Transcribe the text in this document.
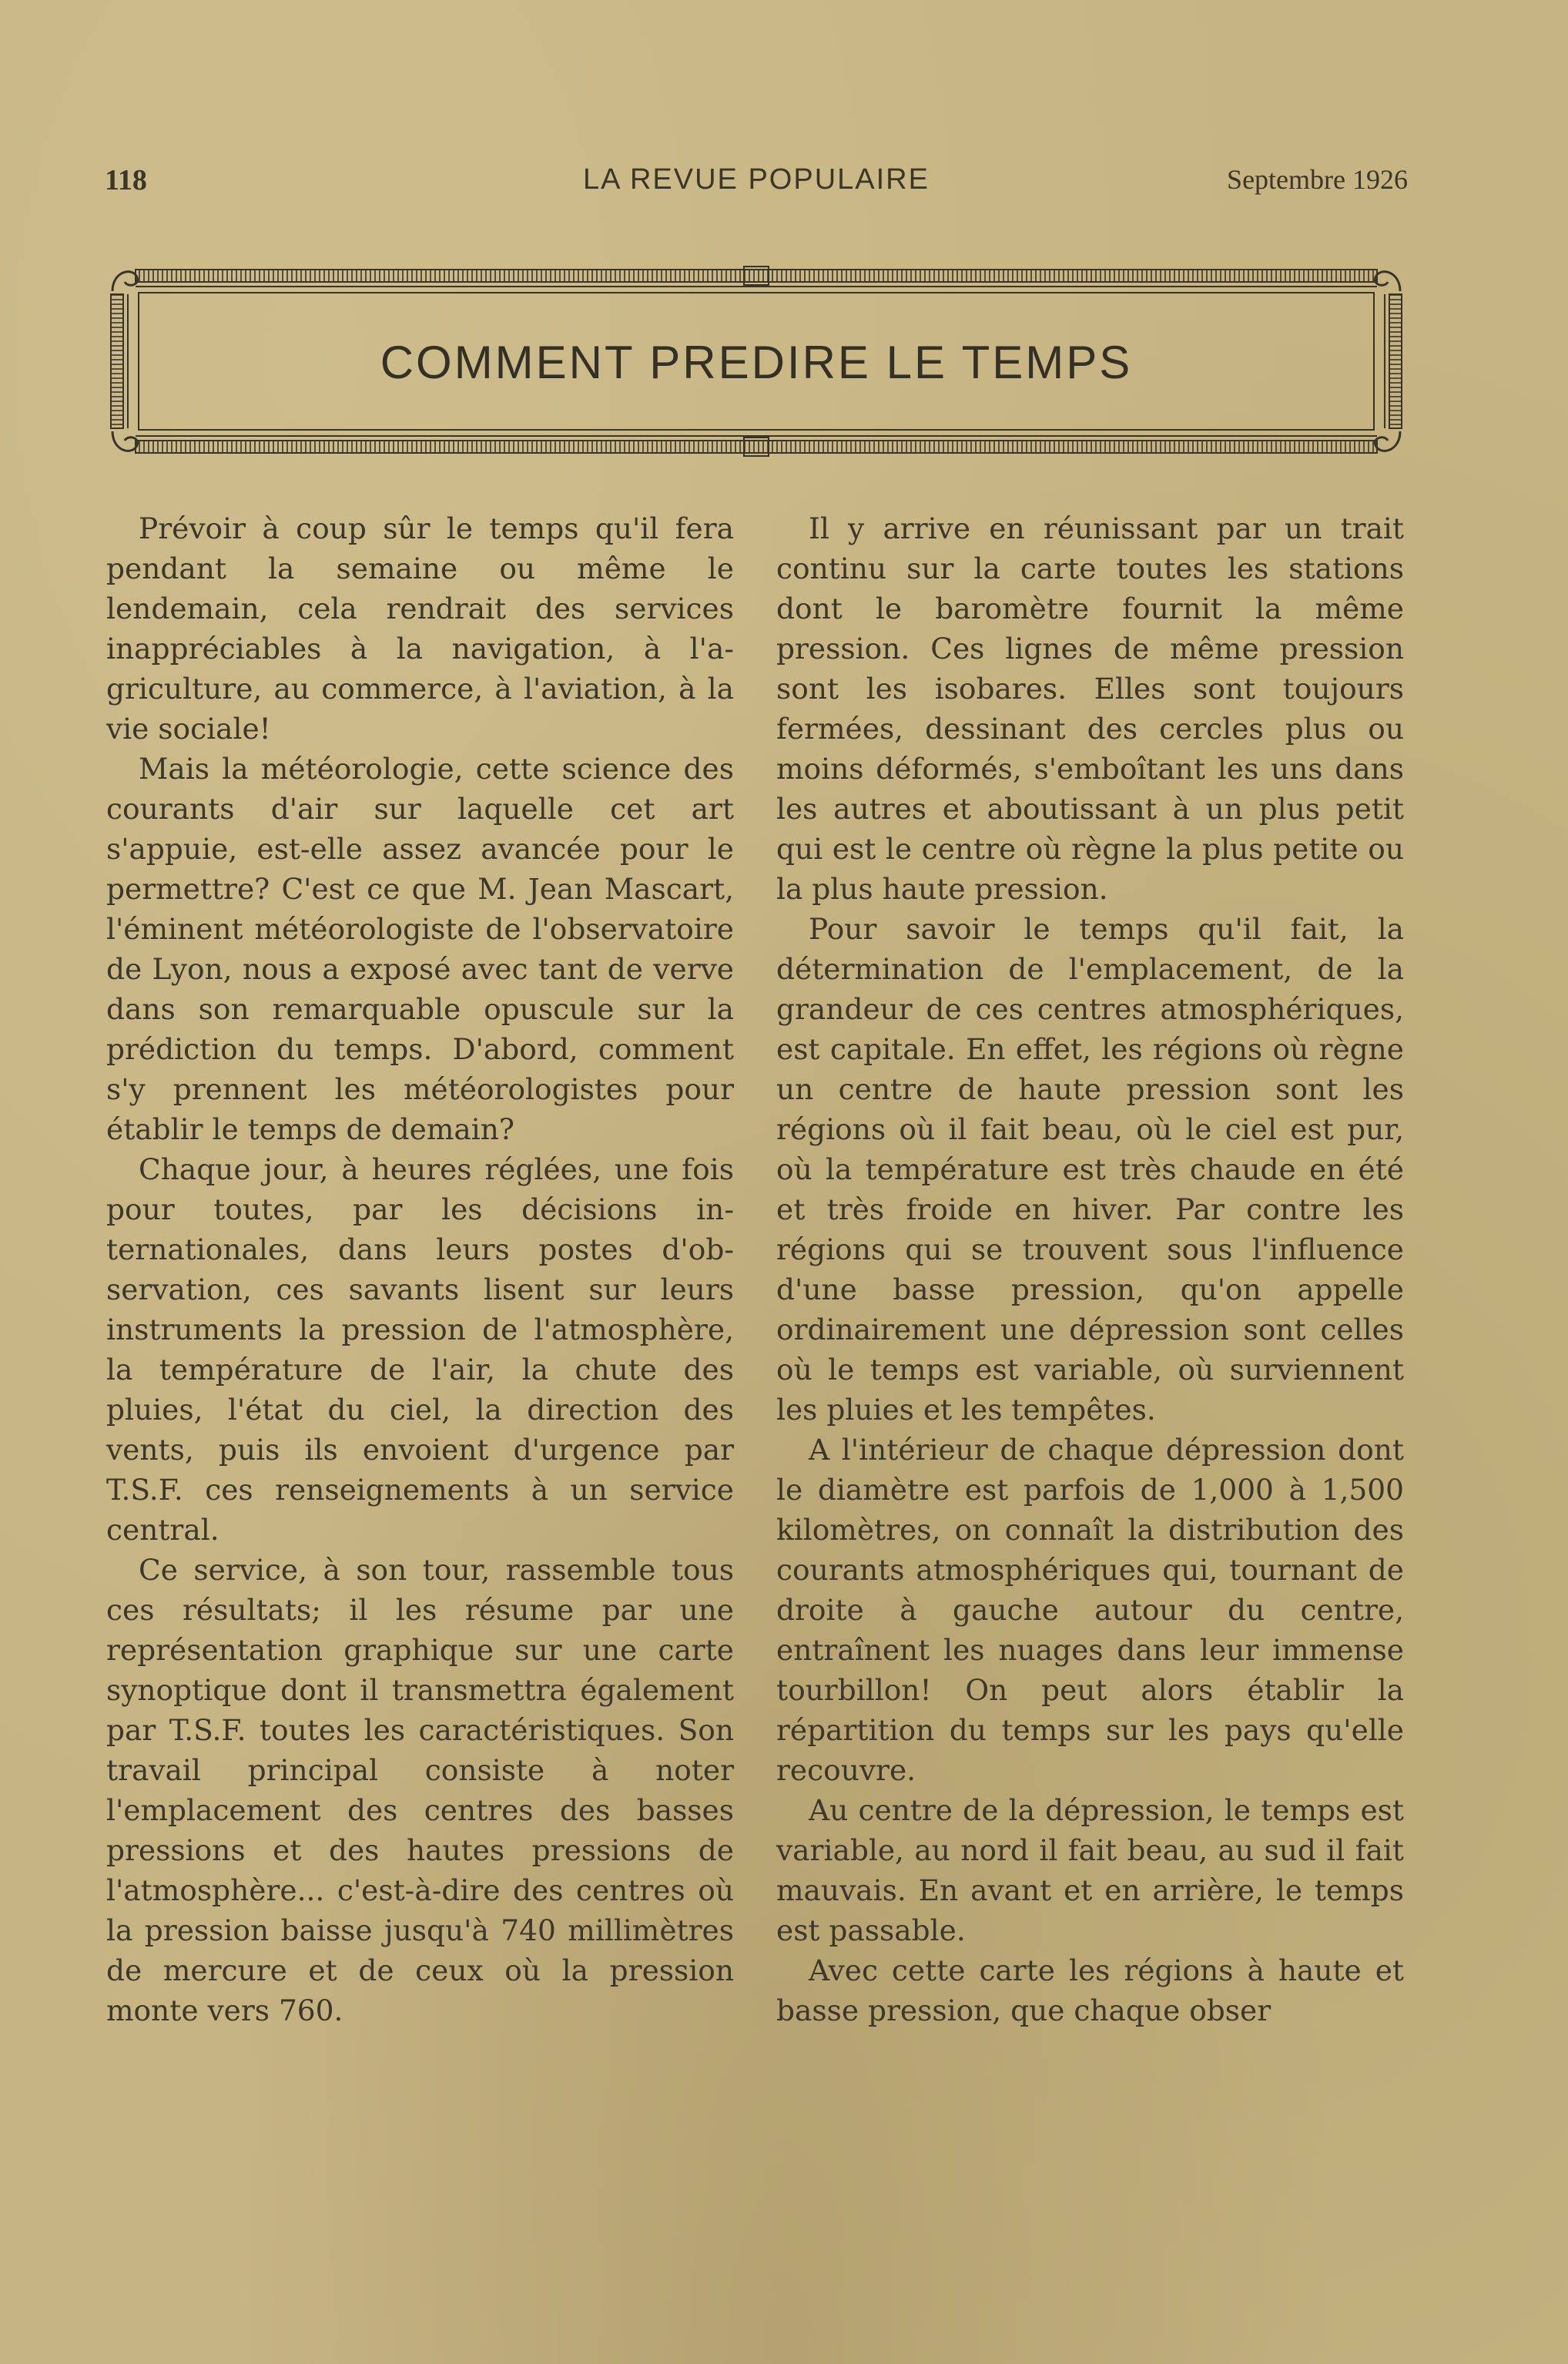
118	LA REVUE POPULAIRE	Septembre 1926
COMMENT PREDIRE LE TEMPS

Prévoir à coup sûr le temps qu'il fera pendant la semaine ou même le lendemain, cela rendrait des services inappréciables à la navigation, à l'agriculture, au commerce, à l'aviation, à la vie sociale!

Mais la météorologie, cette science des courants d'air sur laquelle cet art s'appuie, est-elle assez avancée pour le permettre? C'est ce que M. Jean Mascart, l'éminent météorologiste de l'observatoire de Lyon, nous a exposé avec tant de verve dans son remarquable opuscule sur la prédiction du temps. D'abord, comment s'y prennent les météorologistes pour établir le temps de demain?

Chaque jour, à heures réglées, une fois pour toutes, par les décisions internationales, dans leurs postes d'observation, ces savants lisent sur leurs instruments la pression de l'atmosphère, la température de l'air, la chute des pluies, l'état du ciel, la direction des vents, puis ils envoient d'urgence par T.S.F. ces renseignements à un service central.

Ce service, à son tour, rassemble tous ces résultats; il les résume par une représentation graphique sur une carte synoptique dont il transmettra également par T.S.F. toutes les caractéristiques. Son travail principal consiste à noter l'emplacement des centres des basses pressions et des hautes pressions de l'atmosphère... c'est-à-dire des centres où la pression baisse jusqu'à 740 millimètres de mercure et de ceux où la pression monte vers 760.

Il y arrive en réunissant par un trait continu sur la carte toutes les stations dont le baromètre fournit la même pression. Ces lignes de même pression sont les isobares. Elles sont toujours fermées, dessinant des cercles plus ou moins déformés, s'emboîtant les uns dans les autres et aboutissant à un plus petit qui est le centre où règne la plus petite ou la plus haute pression.

Pour savoir le temps qu'il fait, la détermination de l'emplacement, de la grandeur de ces centres atmosphériques, est capitale. En effet, les régions où règne un centre de haute pression sont les régions où il fait beau, où le ciel est pur, où la température est très chaude en été et très froide en hiver. Par contre les régions qui se trouvent sous l'influence d'une basse pression, qu'on appelle ordinairement une dépression sont celles où le temps est variable, où surviennent les pluies et les tempêtes.

A l'intérieur de chaque dépression dont le diamètre est parfois de 1,000 à 1,500 kilomètres, on connaît la distribution des courants atmosphériques qui, tournant de droite à gauche autour du centre, entraînent les nuages dans leur immense tourbillon! On peut alors établir la répartition du temps sur les pays qu'elle recouvre.

Au centre de la dépression, le temps est variable, au nord il fait beau, au sud il fait mauvais. En avant et en arrière, le temps est passable.

Avec cette carte les régions à haute et basse pression, que chaque obser
